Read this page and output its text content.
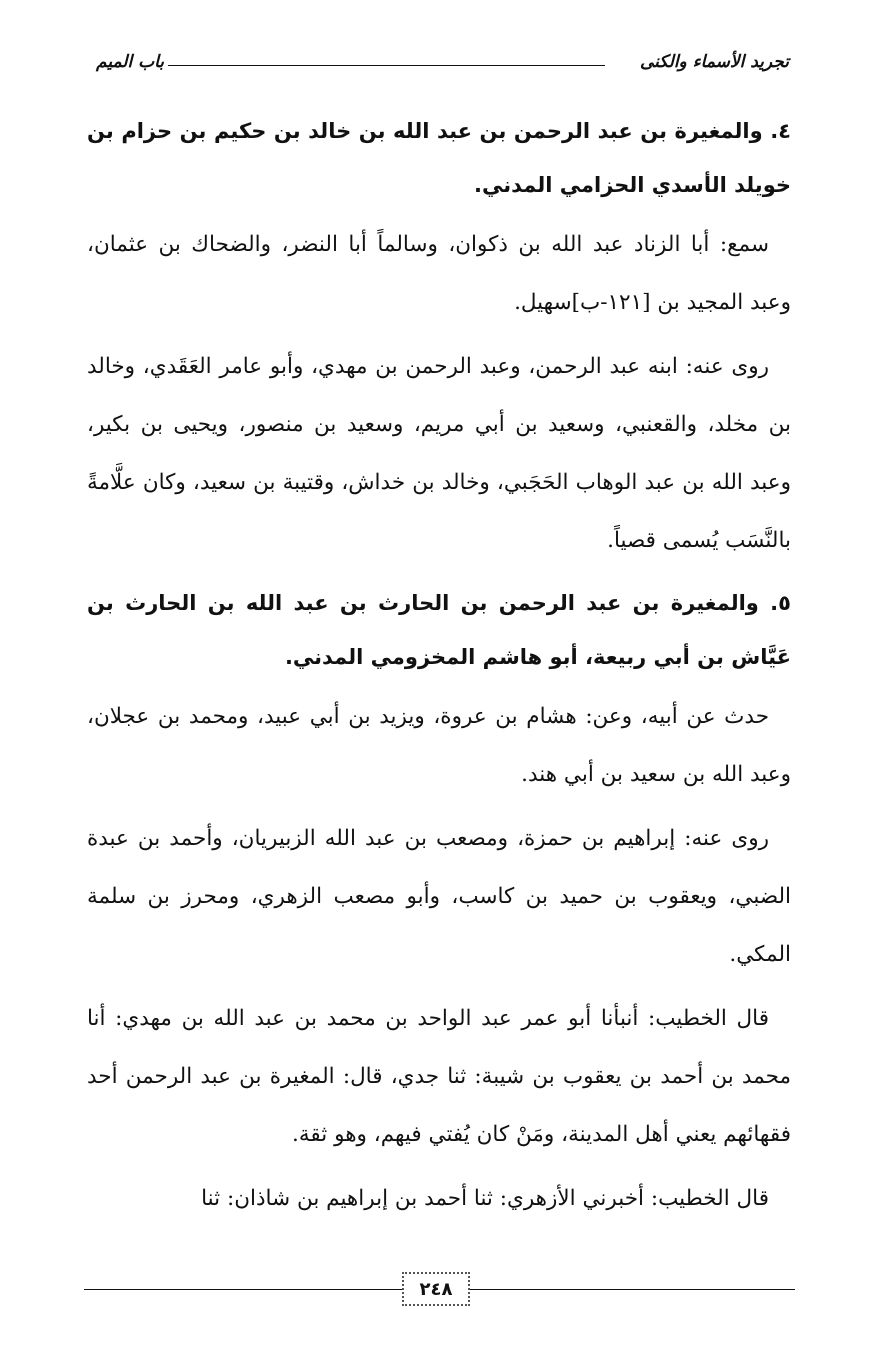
تجريد الأسماء والكنى
باب الميم

٤. والمغيرة بن عبد الرحمن بن عبد الله بن خالد بن حكيم بن حزام بن خويلد الأسدي الحزامي المدني.

سمع: أبا الزناد عبد الله بن ذكوان، وسالماً أبا النضر، والضحاك بن عثمان، وعبد المجيد بن [١٢١-ب]سهيل.

روى عنه: ابنه عبد الرحمن، وعبد الرحمن بن مهدي، وأبو عامر العَقَدي، وخالد بن مخلد، والقعنبي، وسعيد بن أبي مريم، وسعيد بن منصور، ويحيى بن بكير، وعبد الله بن عبد الوهاب الحَجَبي، وخالد بن خداش، وقتيبة بن سعيد، وكان علَّامةً بالنَّسَب يُسمى قصياً.

٥. والمغيرة بن عبد الرحمن بن الحارث بن عبد الله بن الحارث بن عَيَّاش بن أبي ربيعة، أبو هاشم المخزومي المدني.

حدث عن أبيه، وعن: هشام بن عروة، ويزيد بن أبي عبيد، ومحمد بن عجلان، وعبد الله بن سعيد بن أبي هند.

روى عنه: إبراهيم بن حمزة، ومصعب بن عبد الله الزبيريان، وأحمد بن عبدة الضبي، ويعقوب بن حميد بن كاسب، وأبو مصعب الزهري، ومحرز بن سلمة المكي.

قال الخطيب: أنبأنا أبو عمر عبد الواحد بن محمد بن عبد الله بن مهدي: أنا محمد بن أحمد بن يعقوب بن شيبة: ثنا جدي، قال: المغيرة بن عبد الرحمن أحد فقهائهم يعني أهل المدينة، ومَنْ كان يُفتي فيهم، وهو ثقة.

قال الخطيب: أخبرني الأزهري: ثنا أحمد بن إبراهيم بن شاذان: ثنا

٢٤٨
